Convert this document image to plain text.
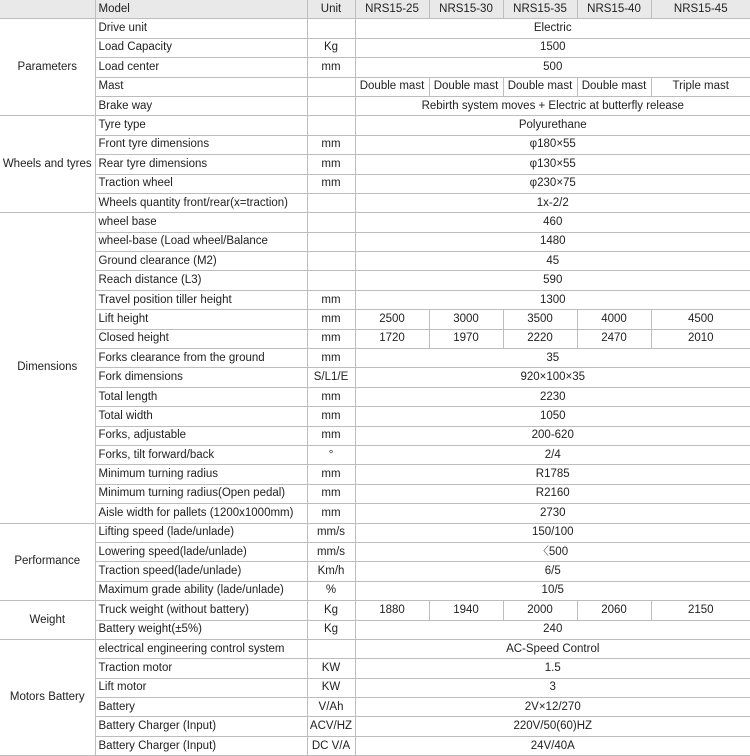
	Model	Unit	NRS15-25	NRS15-30	NRS15-35	NRS15-40	NRS15-45
Parameters	Drive unit		Electric				
	Load Capacity	Kg	1500				
	Load center	mm	500				
	Mast		Double mast	Double mast	Double mast	Double mast	Triple mast
	Brake way		Rebirth system moves + Electric at butterfly release				
Wheels and tyres	Tyre type		Polyurethane				
	Front tyre dimensions	mm	φ180×55				
	Rear tyre dimensions	mm	φ130×55				
	Traction wheel	mm	φ230×75				
	Wheels quantity front/rear(x=traction)		1x-2/2				
Dimensions	wheel base		460				
	wheel-base (Load wheel/Balance		1480				
	Ground clearance (M2)		45				
	Reach distance (L3)		590				
	Travel position tiller height	mm	1300				
	Lift height	mm	2500	3000	3500	4000	4500
	Closed height	mm	1720	1970	2220	2470	2010
	Forks clearance from the ground	mm	35				
	Fork dimensions	S/L1/E	920×100×35				
	Total length	mm	2230				
	Total width	mm	1050				
	Forks, adjustable	mm	200-620				
	Forks, tilt forward/back	°	2/4				
	Minimum turning radius	mm	R1785				
	Minimum turning radius(Open pedal)	mm	R2160				
	Aisle width for pallets (1200x1000mm)	mm	2730				
Performance	Lifting speed (lade/unlade)	mm/s	150/100				
	Lowering speed(lade/unlade)	mm/s	〈500				
	Traction speed(lade/unlade)	Km/h	6/5				
	Maximum grade ability (lade/unlade)	%	10/5				
Weight	Truck weight (without battery)	Kg	1880	1940	2000	2060	2150
	Battery weight(±5%)	Kg	240				
Motors Battery	electrical engineering control system		AC-Speed Control				
	Traction motor	KW	1.5				
	Lift motor	KW	3				
	Battery	V/Ah	2V×12/270				
	Battery Charger (Input)	ACV/HZ	220V/50(60)HZ				
	Battery Charger (Input)	DC V/A	24V/40A				
